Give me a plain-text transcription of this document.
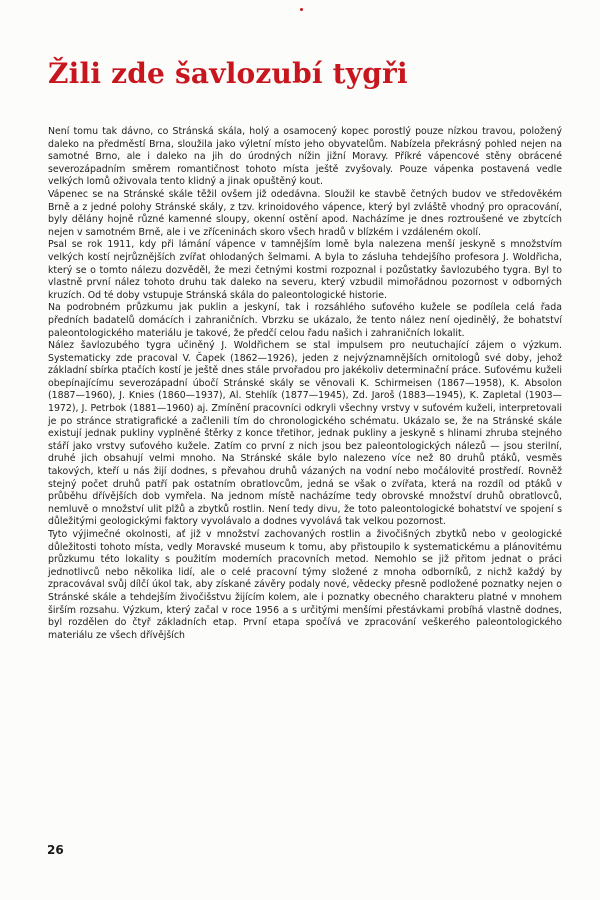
Žili zde šavlozubí tygři

Není tomu tak dávno, co Stránská skála, holý a osamocený kopec porostlý pouze nízkou travou, položený daleko na předměstí Brna, sloužila jako výletní místo jeho obyvatelům. Nabízela překrásný pohled nejen na samotné Brno, ale i daleko na jih do úrodných nížin jižní Moravy. Příkré vápencové stěny obrácené severozápadním směrem romantičnost tohoto místa ještě zvyšovaly. Pouze vápenka postavená vedle velkých lomů oživovala tento klidný a jinak opuštěný kout.

Vápenec se na Stránské skále těžil ovšem již odedávna. Sloužil ke stavbě četných budov ve středověkém Brně a z jedné polohy Stránské skály, z tzv. krinoidového vápence, který byl zvláště vhodný pro opracování, byly dělány hojně různé kamenné sloupy, okenní ostění apod. Nacházíme je dnes roztroušené ve zbytcích nejen v samotném Brně, ale i ve zříceninách skoro všech hradů v blízkém i vzdáleném okolí.

Psal se rok 1911, kdy při lámání vápence v tamnějším lomě byla nalezena menší jeskyně s množstvím velkých kostí nejrůznějších zvířat ohlodaných šelmami. A byla to zásluha tehdejšího profesora J. Woldřicha, který se o tomto nálezu dozvěděl, že mezi četnými kostmi rozpoznal i pozůstatky šavlozubého tygra. Byl to vlastně první nález tohoto druhu tak daleko na severu, který vzbudil mimořádnou pozornost v odborných kruzích. Od té doby vstupuje Stránská skála do paleontologické historie.

Na podrobném průzkumu jak puklin a jeskyní, tak i rozsáhlého suťového kužele se podílela celá řada předních badatelů domácích i zahraničních. Vbrzku se ukázalo, že tento nález není ojedinělý, že bohatství paleontologického materiálu je takové, že předčí celou řadu našich i zahraničních lokalit.

Nález šavlozubého tygra učiněný J. Woldřichem se stal impulsem pro neutuchající zájem o výzkum. Systematicky zde pracoval V. Čapek (1862—1926), jeden z nejvýznamnějších ornitologů své doby, jehož základní sbírka ptačích kostí je ještě dnes stále prvořadou pro jakékoliv determinační práce. Suťovému kuželi obepínajícímu severozápadní úbočí Stránské skály se věnovali K. Schirmeisen (1867—1958), K. Absolon (1887—1960), J. Knies (1860—1937), Al. Stehlík (1877—1945), Zd. Jaroš (1883—1945), K. Zapletal (1903—1972), J. Petrbok (1881—1960) aj. Zmínění pracovníci odkryli všechny vrstvy v suťovém kuželi, interpretovali je po stránce stratigrafické a začlenili tím do chronologického schématu. Ukázalo se, že na Stránské skále existují jednak pukliny vyplněné štěrky z konce třetihor, jednak pukliny a jeskyně s hlinami zhruba stejného stáří jako vrstvy suťového kužele. Zatím co první z nich jsou bez paleontologických nálezů — jsou sterilní, druhé jich obsahují velmi mnoho. Na Stránské skále bylo nalezeno více než 80 druhů ptáků, vesměs takových, kteří u nás žijí dodnes, s převahou druhů vázaných na vodní nebo močálovité prostředí. Rovněž stejný počet druhů patří pak ostatním obratlovcům, jedná se však o zvířata, která na rozdíl od ptáků v průběhu dřívějších dob vymřela. Na jednom místě nacházíme tedy obrovské množství druhů obratlovců, nemluvě o množství ulit plžů a zbytků rostlin. Není tedy divu, že toto paleontologické bohatství ve spojení s důležitými geologickými faktory vyvolávalo a dodnes vyvolává tak velkou pozornost.

Tyto výjimečné okolnosti, ať již v množství zachovaných rostlin a živočišných zbytků nebo v geologické důležitosti tohoto místa, vedly Moravské museum k tomu, aby přistoupilo k systematickému a plánovitému průzkumu této lokality s použitím moderních pracovních metod. Nemohlo se již přitom jednat o práci jednotlivců nebo několika lidí, ale o celé pracovní týmy složené z mnoha odborníků, z nichž každý by zpracovával svůj dílčí úkol tak, aby získané závěry podaly nové, vědecky přesně podložené poznatky nejen o Stránské skále a tehdejším živočišstvu žijícím kolem, ale i poznatky obecného charakteru platné v mnohem širším rozsahu. Výzkum, který začal v roce 1956 a s určitými menšími přestávkami probíhá vlastně dodnes, byl rozdělen do čtyř základních etap. První etapa spočívá ve zpracování veškerého paleontologického materiálu ze všech dřívějších

26
